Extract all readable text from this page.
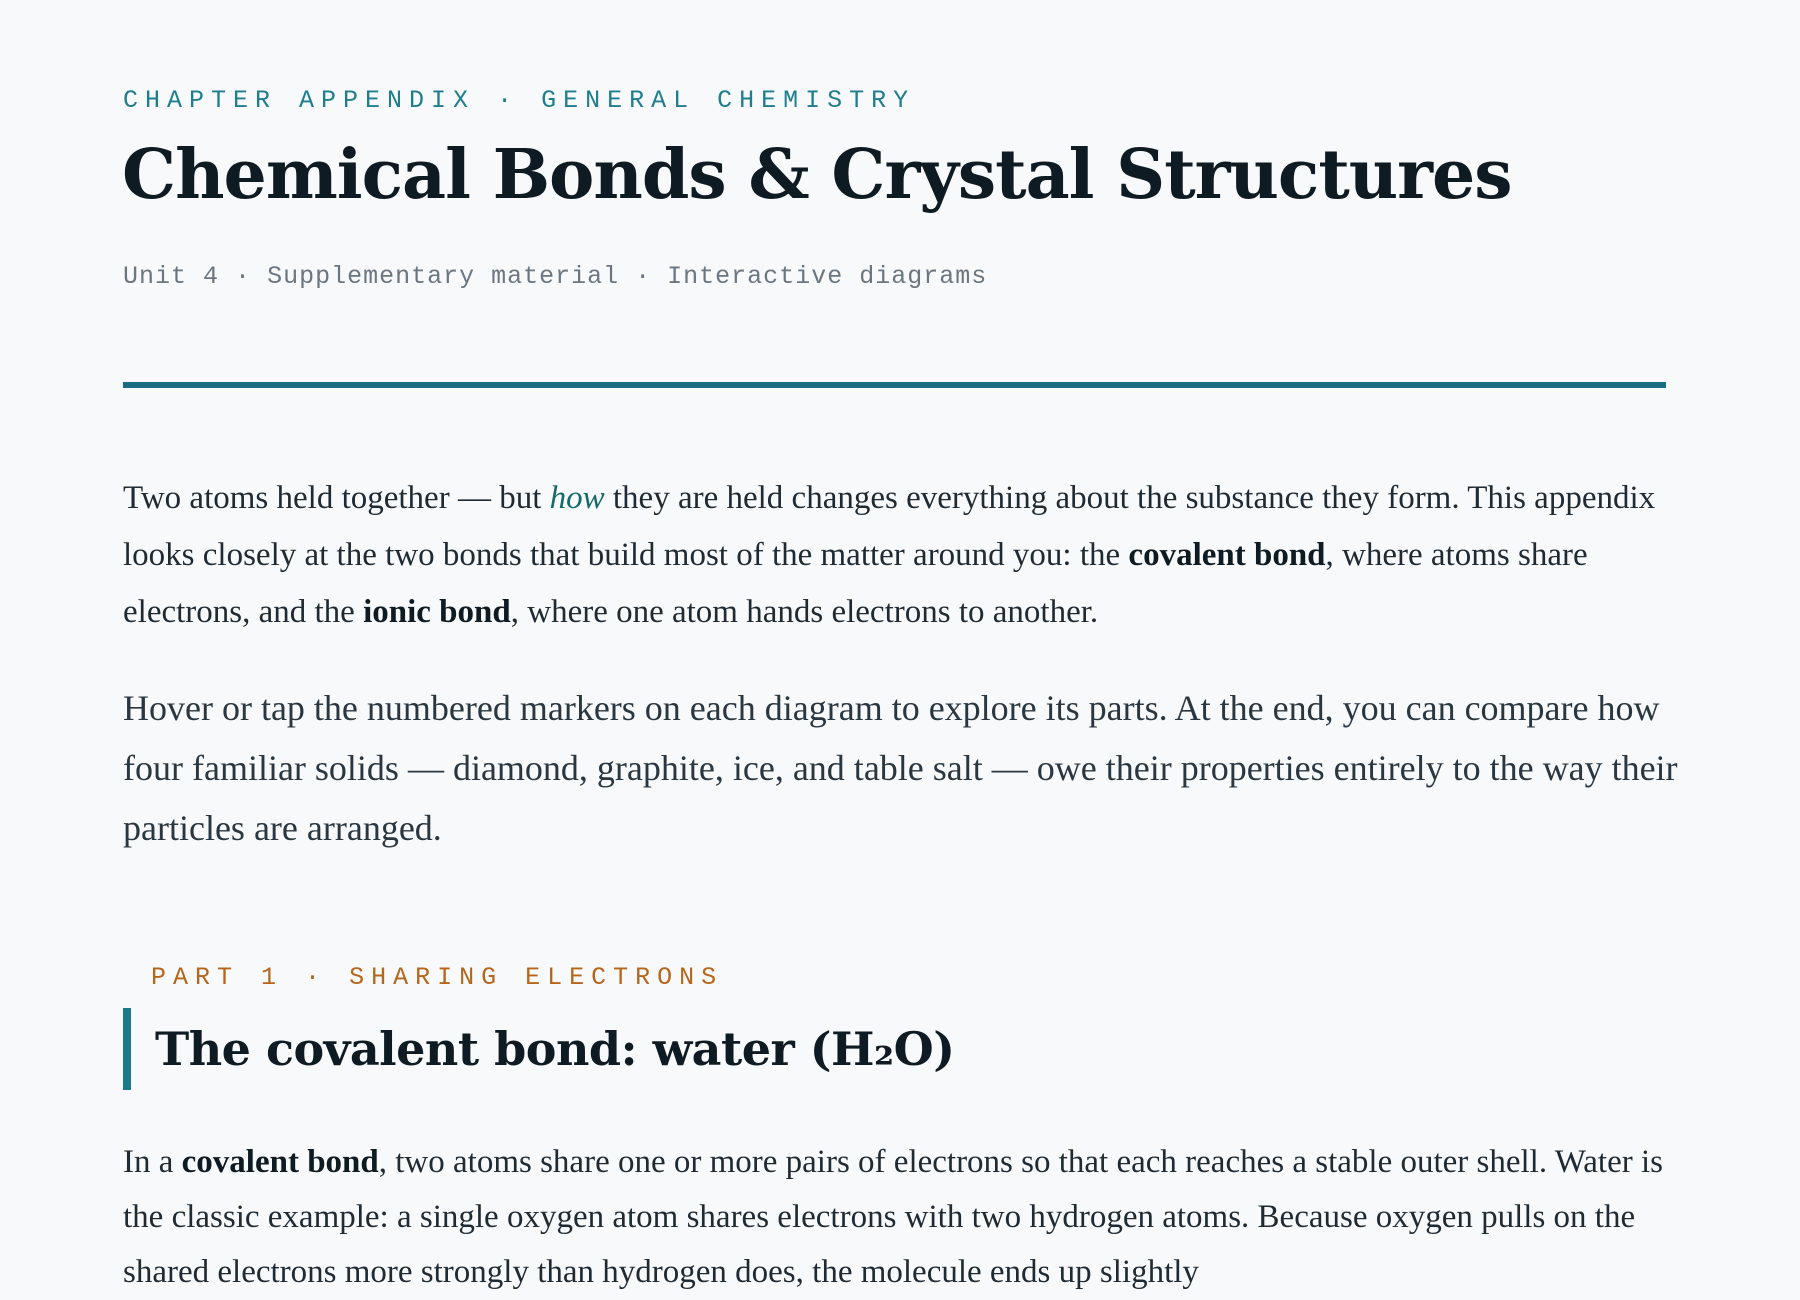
CHAPTER APPENDIX · GENERAL CHEMISTRY
Chemical Bonds & Crystal Structures
Unit 4 · Supplementary material · Interactive diagrams

Two atoms held together — but how they are held changes everything about the substance they form. This appendix looks closely at the two bonds that build most of the matter around you: the covalent bond, where atoms share electrons, and the ionic bond, where one atom hands electrons to another.

Hover or tap the numbered markers on each diagram to explore its parts. At the end, you can compare how four familiar solids — diamond, graphite, ice, and table salt — owe their properties entirely to the way their particles are arranged.

PART 1 · SHARING ELECTRONS
The covalent bond: water (H₂O)

In a covalent bond, two atoms share one or more pairs of electrons so that each reaches a stable outer shell. Water is the classic example: a single oxygen atom shares electrons with two hydrogen atoms. Because oxygen pulls on the shared electrons more strongly than hydrogen does, the molecule ends up slightly
